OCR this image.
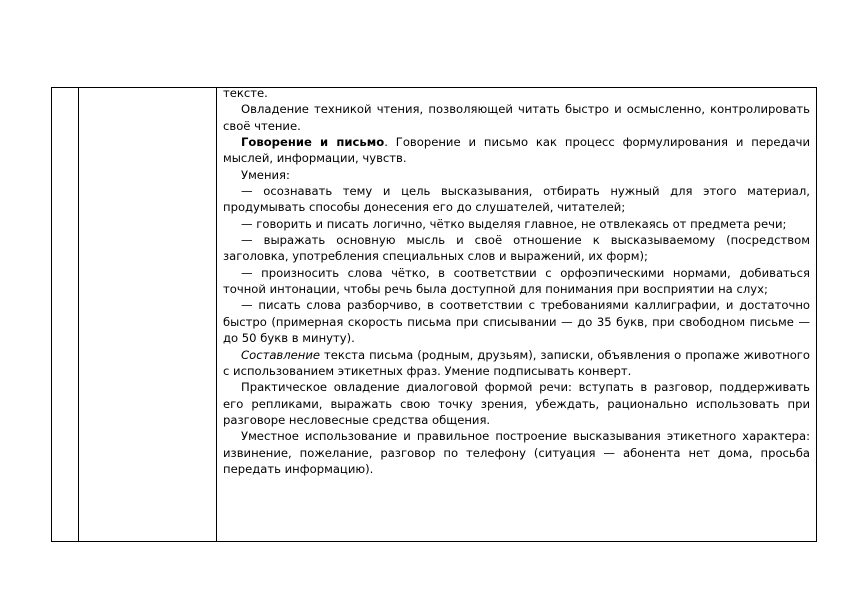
тексте.

Овладение техникой чтения, позволяющей читать быстро и осмысленно, контролировать своё чтение.

Говорение и письмо. Говорение и письмо как процесс формулирования и передачи мыслей, информации, чувств.

Умения:

— осознавать тему и цель высказывания, отбирать нужный для этого материал, продумывать способы донесения его до слушателей, читателей;

— говорить и писать логично, чётко выделяя главное, не отвлекаясь от предмета речи;

— выражать основную мысль и своё отношение к высказываемому (посредством заголовка, употребления специальных слов и выражений, их форм);

— произносить слова чётко, в соответствии с орфоэпическими нормами, добиваться точной интонации, чтобы речь была доступной для понимания при восприятии на слух;

— писать слова разборчиво, в соответствии с требованиями каллиграфии, и достаточно быстро (примерная скорость письма при списывании — до 35 букв, при свободном письме — до 50 букв в минуту).

Составление текста письма (родным, друзьям), записки, объявления о пропаже животного с использованием этикетных фраз. Умение подписывать конверт.

Практическое овладение диалоговой формой речи: вступать в разговор, поддерживать его репликами, выражать свою точку зрения, убеждать, рационально использовать при разговоре несловесные средства общения.

Уместное использование и правильное построение высказывания этикетного характера: извинение, пожелание, разговор по телефону (ситуация — абонента нет дома, просьба передать информацию).
